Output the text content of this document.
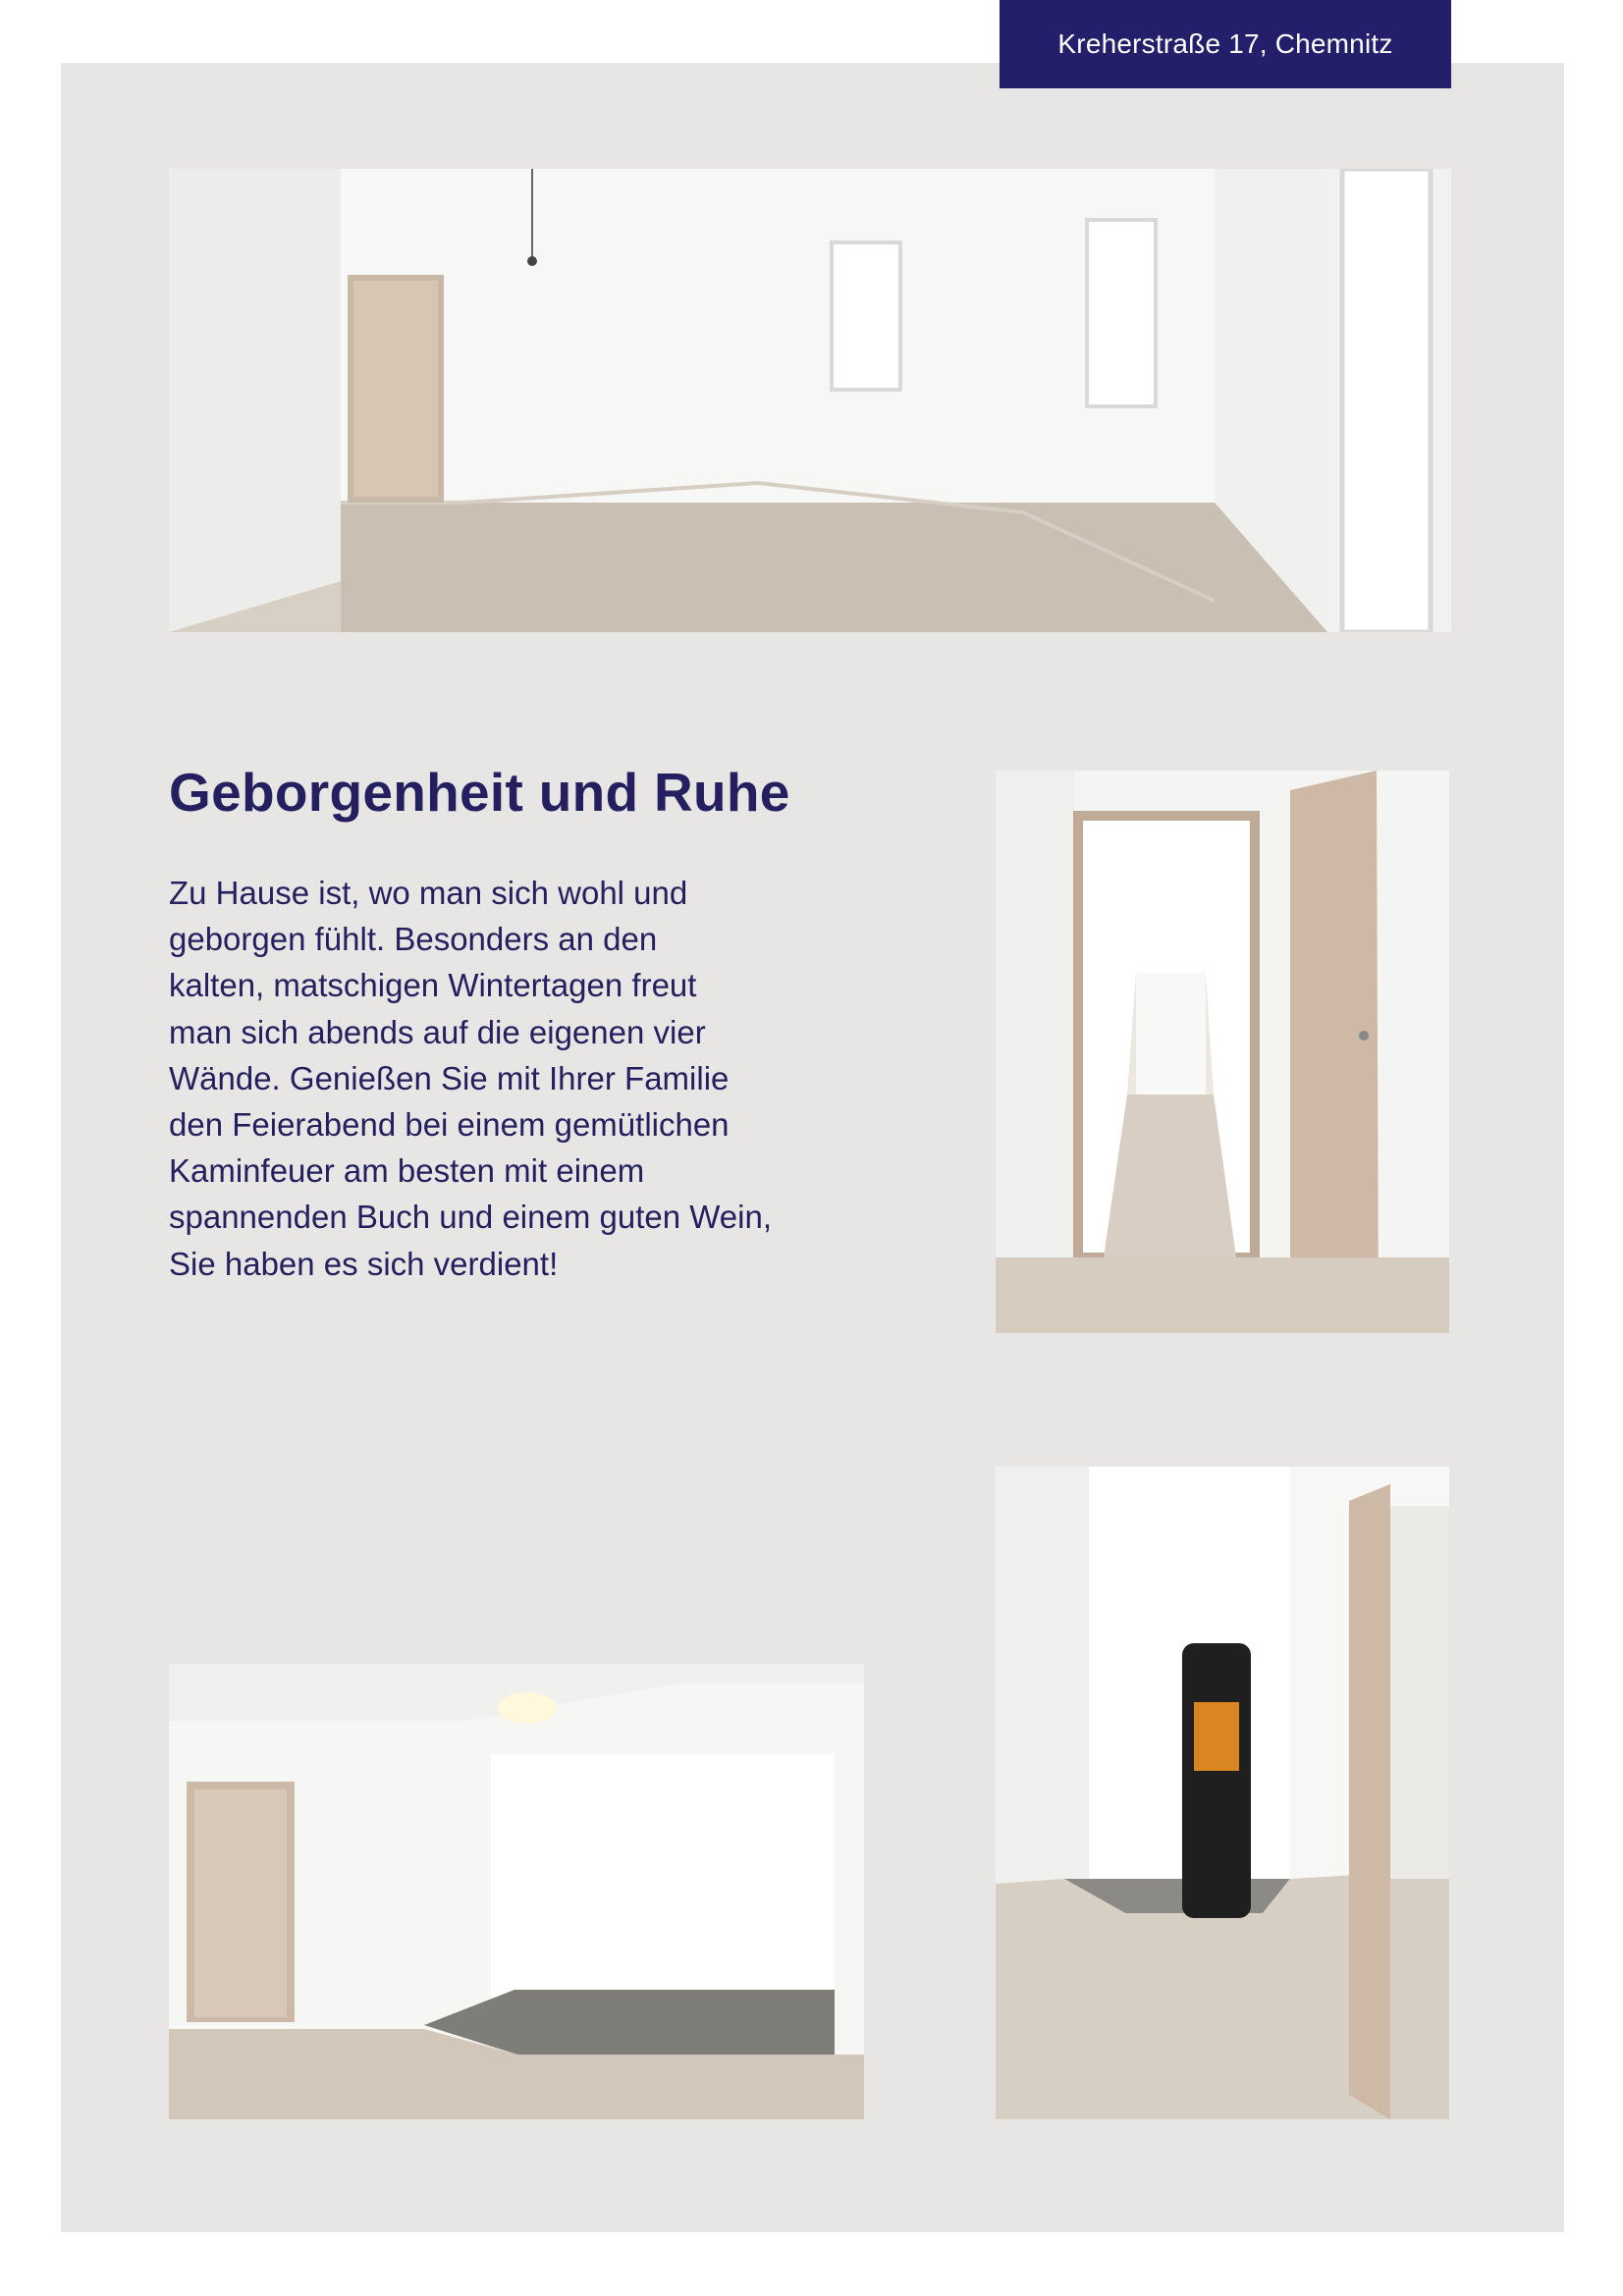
Kreherstraße 17, Chemnitz
Geborgenheit und Ruhe
Zu Hause ist, wo man sich wohl und
geborgen fühlt. Besonders an den
kalten, matschigen Wintertagen freut
man sich abends auf die eigenen vier
Wände. Genießen Sie mit Ihrer Familie
den Feierabend bei einem gemütlichen
Kaminfeuer am besten mit einem
spannenden Buch und einem guten Wein,
Sie haben es sich verdient!
